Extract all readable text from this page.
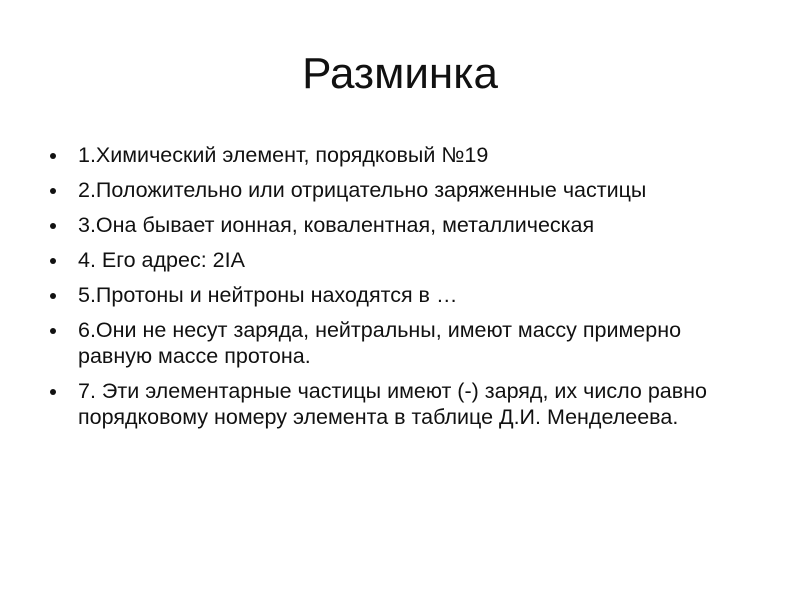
Разминка
1.Химический элемент, порядковый №19
2.Положительно или отрицательно заряженные частицы
3.Она бывает ионная, ковалентная, металлическая
4. Его адрес: 2IA
5.Протоны и нейтроны находятся в …
6.Они не несут заряда, нейтральны, имеют массу примерно равную массе протона.
7. Эти элементарные частицы имеют (-) заряд, их число равно порядковому номеру элемента в таблице Д.И. Менделеева.
